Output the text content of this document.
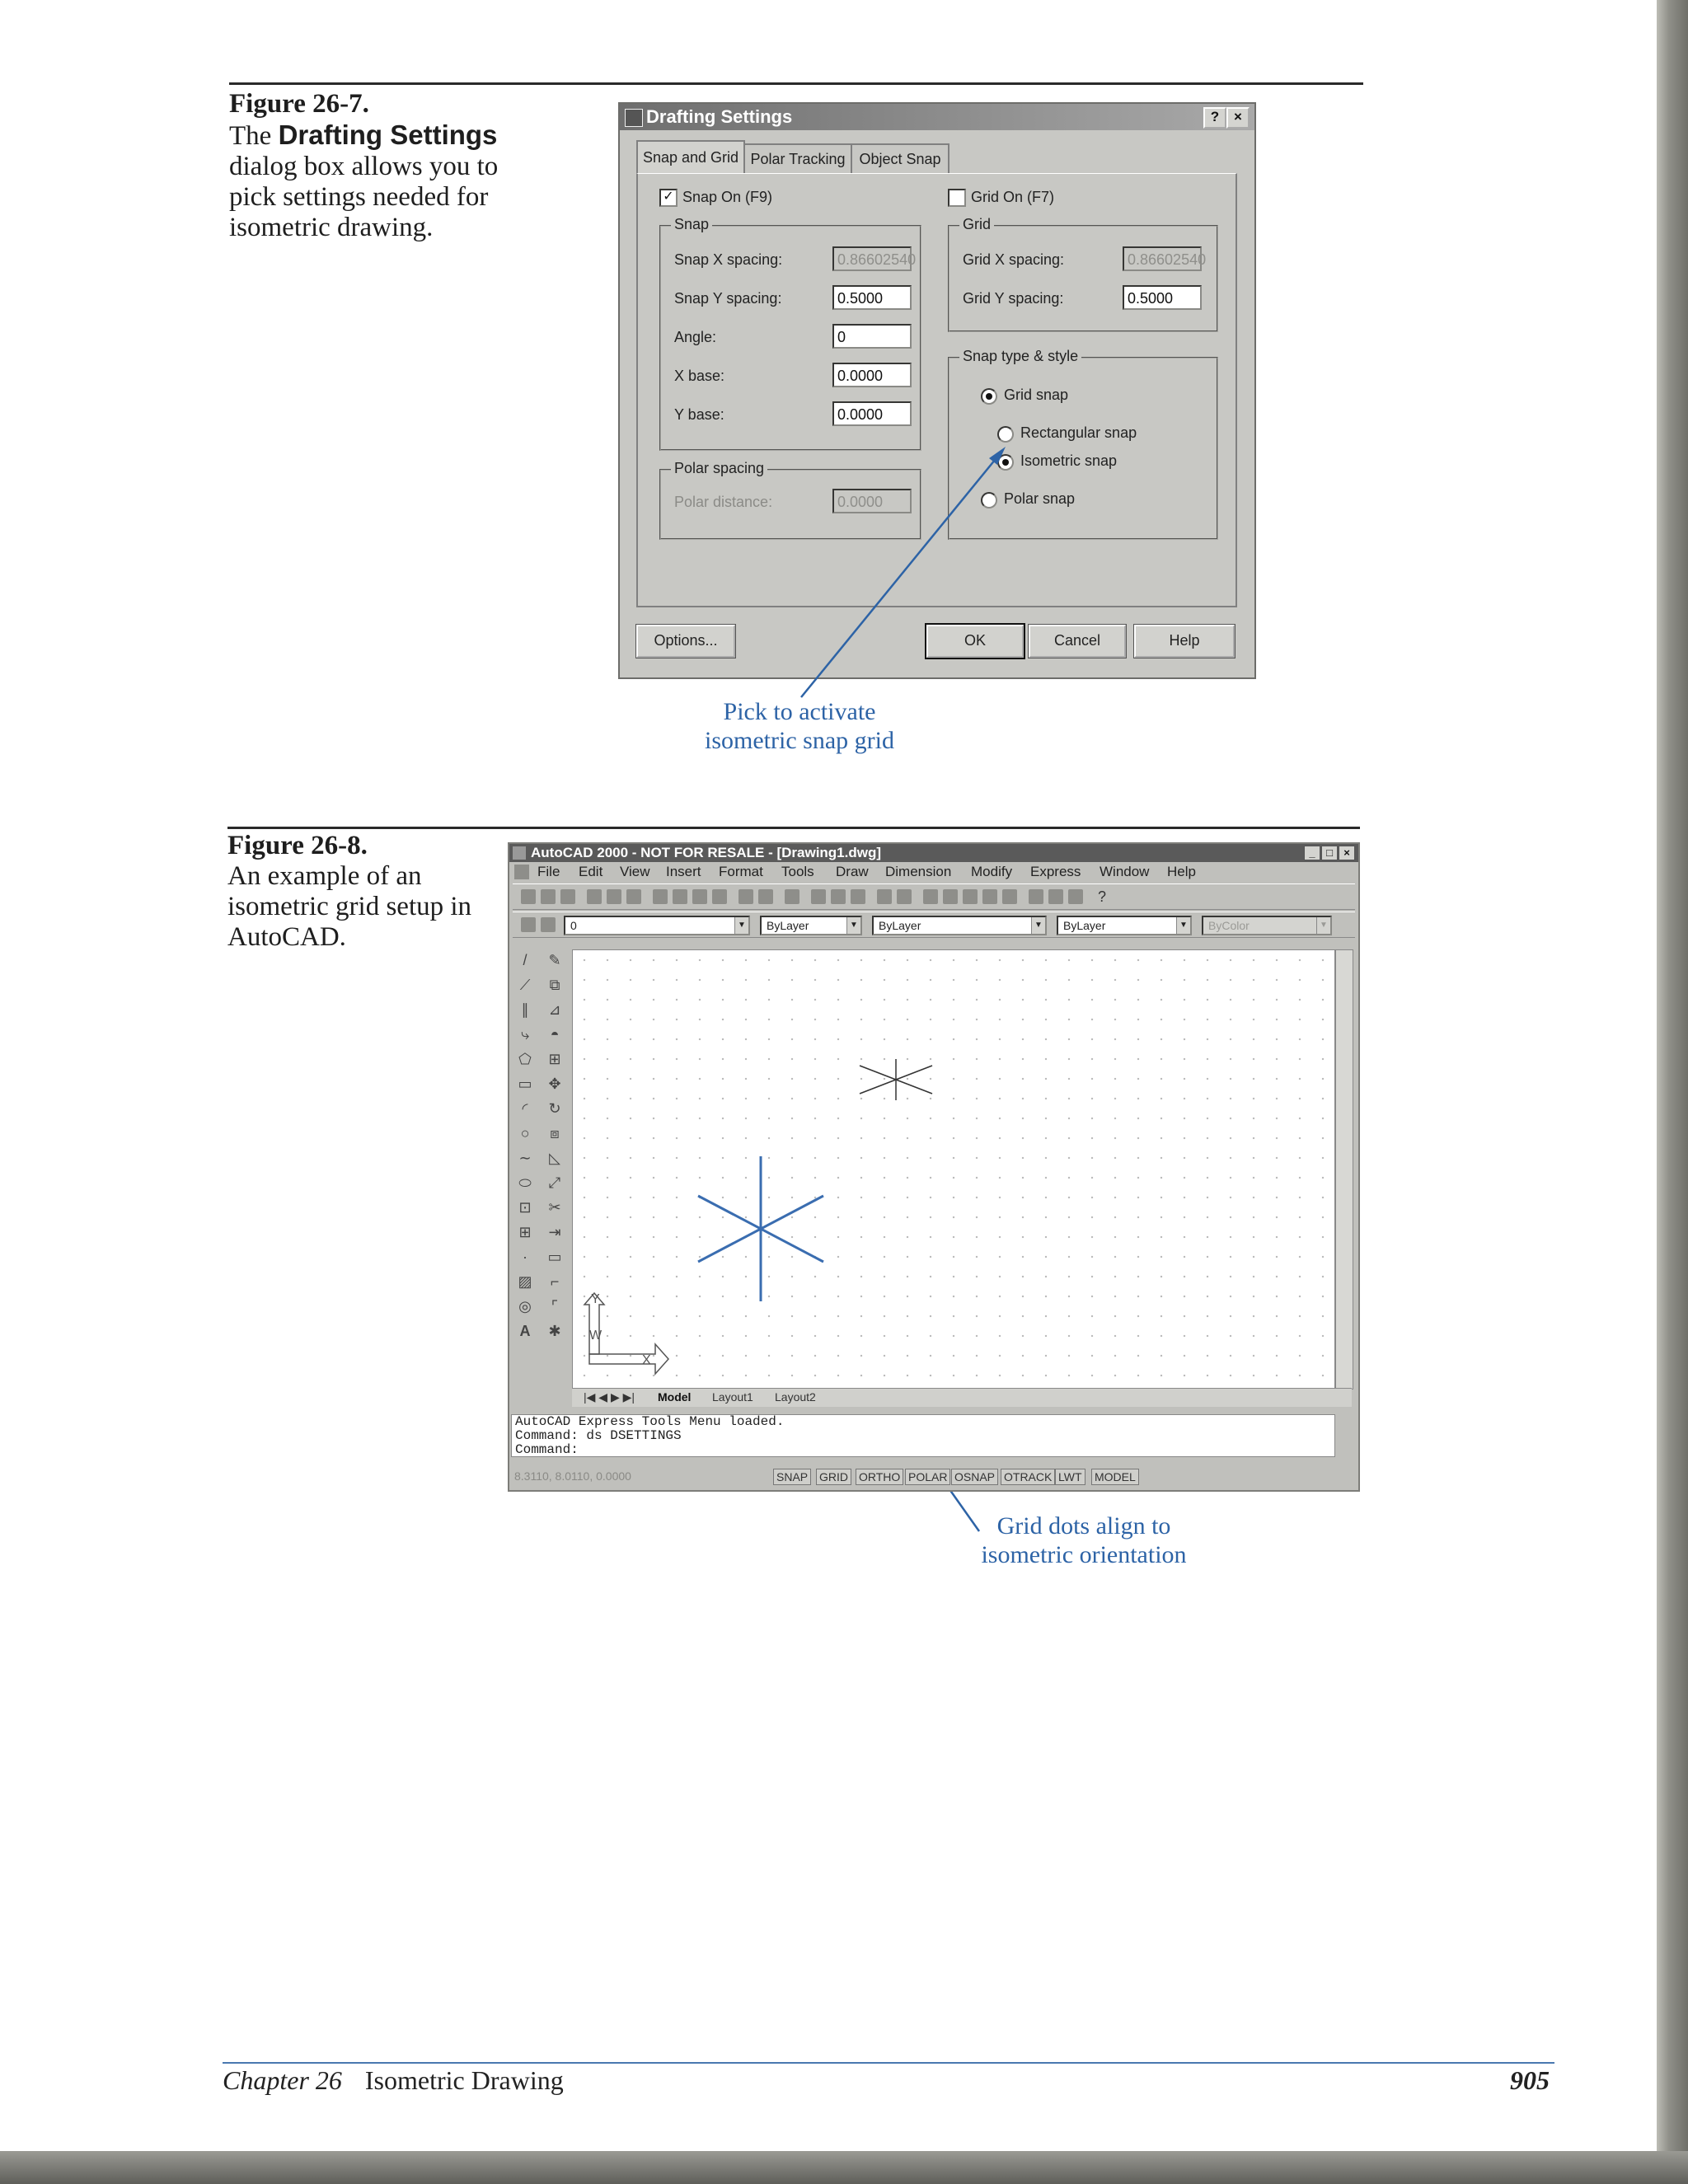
Figure 26-7.
The Drafting Settings dialog box allows you to pick settings needed for isometric drawing.
Drafting Settings	?	×
Snap and Grid Polar Tracking Object Snap
✓ Snap On (F9)	Grid On (F7)
Snap
Snap X spacing:	0.86602540
Snap Y spacing:	0.5000
Angle:	0
X base:	0.0000
Y base:	0.0000
Polar spacing
Polar distance:	0.0000
Grid
Grid X spacing:	0.86602540
Grid Y spacing:	0.5000
Snap type & style
Grid snap
Rectangular snap
Isometric snap
Polar snap
Options...	OK	Cancel	Help
Pick to activate
isometric snap grid
Figure 26-8.
An example of an isometric grid setup in AutoCAD.
AutoCAD 2000 - NOT FOR RESALE - [Drawing1.dwg]	_	□	×
File Edit View Insert Format Tools Draw Dimension Modify Express Window Help
?
0	▼	ByLayer	▼	ByLayer	▼	ByLayer	▼	ByColor	▼
/
⟋
∥
⤷
⬠
▭
◜
○
∼
⬭
⊡
⊞
·
▨
◎
A
✎
⧉
⊿
◓
⊞
✥
↻
⧈
◺
⤢
✂
⇥
▭
⌐
⌜
✱
Y
W
X
|◀ ◀ ▶ ▶| Model Layout1 Layout2
AutoCAD Express Tools Menu loaded.
Command: ds DSETTINGS
Command:
8.3110, 8.0110, 0.0000	SNAP GRID ORTHO POLAR OSNAP OTRACK LWT MODEL
Grid dots align to
isometric orientation
Chapter 26 Isometric Drawing	905
